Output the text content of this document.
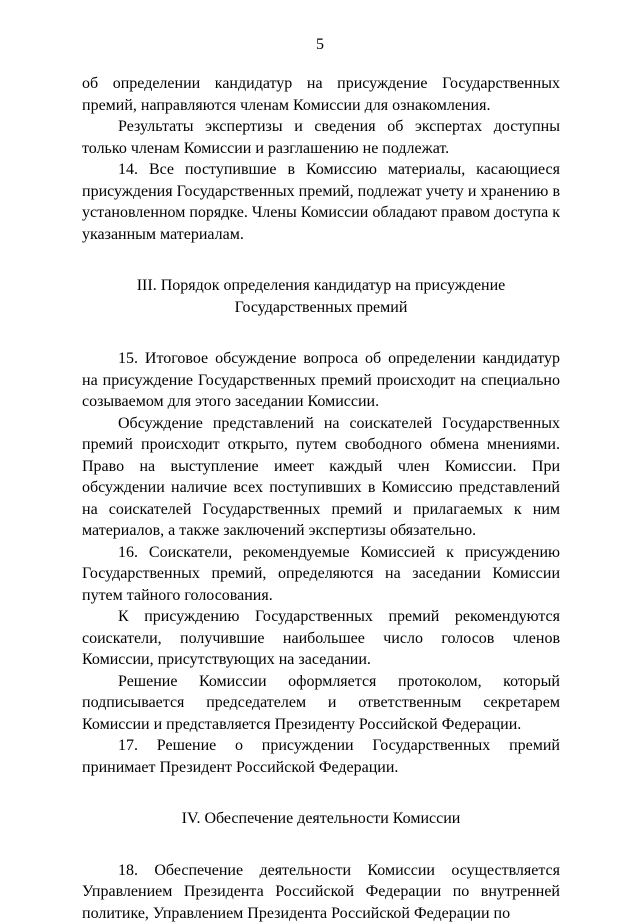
5

об определении кандидатур на присуждение Государственных премий, направляются членам Комиссии для ознакомления.

Результаты экспертизы и сведения об экспертах доступны только членам Комиссии и разглашению не подлежат.

14. Все поступившие в Комиссию материалы, касающиеся присуждения Государственных премий, подлежат учету и хранению в установленном порядке. Члены Комиссии обладают правом доступа к указанным материалам.

III. Порядок определения кандидатур на присуждение

Государственных премий

15. Итоговое обсуждение вопроса об определении кандидатур на присуждение Государственных премий происходит на специально созываемом для этого заседании Комиссии.

Обсуждение представлений на соискателей Государственных премий происходит открыто, путем свободного обмена мнениями. Право на выступление имеет каждый член Комиссии. При обсуждении наличие всех поступивших в Комиссию представлений на соискателей Государственных премий и прилагаемых к ним материалов, а также заключений экспертизы обязательно.

16. Соискатели, рекомендуемые Комиссией к присуждению Государственных премий, определяются на заседании Комиссии путем тайного голосования.

К присуждению Государственных премий рекомендуются соискатели, получившие наибольшее число голосов членов Комиссии, присутствующих на заседании.

Решение Комиссии оформляется протоколом, который подписывается председателем и ответственным секретарем Комиссии и представляется Президенту Российской Федерации.

17. Решение о присуждении Государственных премий принимает Президент Российской Федерации.

IV. Обеспечение деятельности Комиссии

18. Обеспечение деятельности Комиссии осуществляется Управлением Президента Российской Федерации по внутренней политике, Управлением Президента Российской Федерации по
